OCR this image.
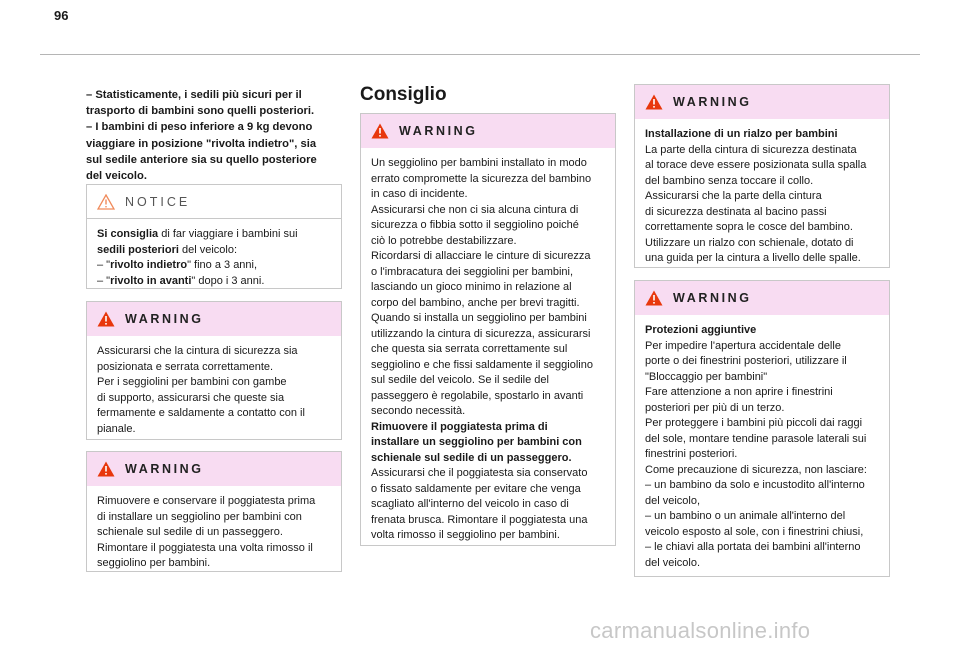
96

– Statisticamente, i sedili più sicuri per il

trasporto di bambini sono quelli posteriori.

– I bambini di peso inferiore a 9 kg devono

viaggiare in posizione "rivolta indietro", sia

sul sedile anteriore sia su quello posteriore

del veicolo.

NOTICE

Si consiglia di far viaggiare i bambini sui

sedili posteriori del veicolo:

– "rivolto indietro" fino a 3 anni,

– "rivolto in avanti" dopo i 3 anni.

WARNING

Assicurarsi che la cintura di sicurezza sia

posizionata e serrata correttamente.

Per i seggiolini per bambini con gambe

di supporto, assicurarsi che queste sia

fermamente e saldamente a contatto con il

pianale.

WARNING

Rimuovere e conservare il poggiatesta prima

di installare un seggiolino per bambini con

schienale sul sedile di un passeggero.

Rimontare il poggiatesta una volta rimosso il

seggiolino per bambini.

Consiglio
WARNING

Un seggiolino per bambini installato in modo

errato compromette la sicurezza del bambino

in caso di incidente.

Assicurarsi che non ci sia alcuna cintura di

sicurezza o fibbia sotto il seggiolino poiché

ciò lo potrebbe destabilizzare.

Ricordarsi di allacciare le cinture di sicurezza

o l'imbracatura dei seggiolini per bambini,

lasciando un gioco minimo in relazione al

corpo del bambino, anche per brevi tragitti.

Quando si installa un seggiolino per bambini

utilizzando la cintura di sicurezza, assicurarsi

che questa sia serrata correttamente sul

seggiolino e che fissi saldamente il seggiolino

sul sedile del veicolo. Se il sedile del

passeggero è regolabile, spostarlo in avanti

secondo necessità.

Rimuovere il poggiatesta prima di

installare un seggiolino per bambini con

schienale sul sedile di un passeggero.

Assicurarsi che il poggiatesta sia conservato

o fissato saldamente per evitare che venga

scagliato all'interno del veicolo in caso di

frenata brusca. Rimontare il poggiatesta una

volta rimosso il seggiolino per bambini.

WARNING

Installazione di un rialzo per bambini

La parte della cintura di sicurezza destinata

al torace deve essere posizionata sulla spalla

del bambino senza toccare il collo.

Assicurarsi che la parte della cintura

di sicurezza destinata al bacino passi

correttamente sopra le cosce del bambino.

Utilizzare un rialzo con schienale, dotato di

una guida per la cintura a livello delle spalle.

WARNING

Protezioni aggiuntive

Per impedire l'apertura accidentale delle

porte o dei finestrini posteriori, utilizzare il

"Bloccaggio per bambini"

Fare attenzione a non aprire i finestrini

posteriori per più di un terzo.

Per proteggere i bambini più piccoli dai raggi

del sole, montare tendine parasole laterali sui

finestrini posteriori.

Come precauzione di sicurezza, non lasciare:

– un bambino da solo e incustodito all'interno

del veicolo,

– un bambino o un animale all'interno del

veicolo esposto al sole, con i finestrini chiusi,

– le chiavi alla portata dei bambini all'interno

del veicolo.

carmanualsonline.info
